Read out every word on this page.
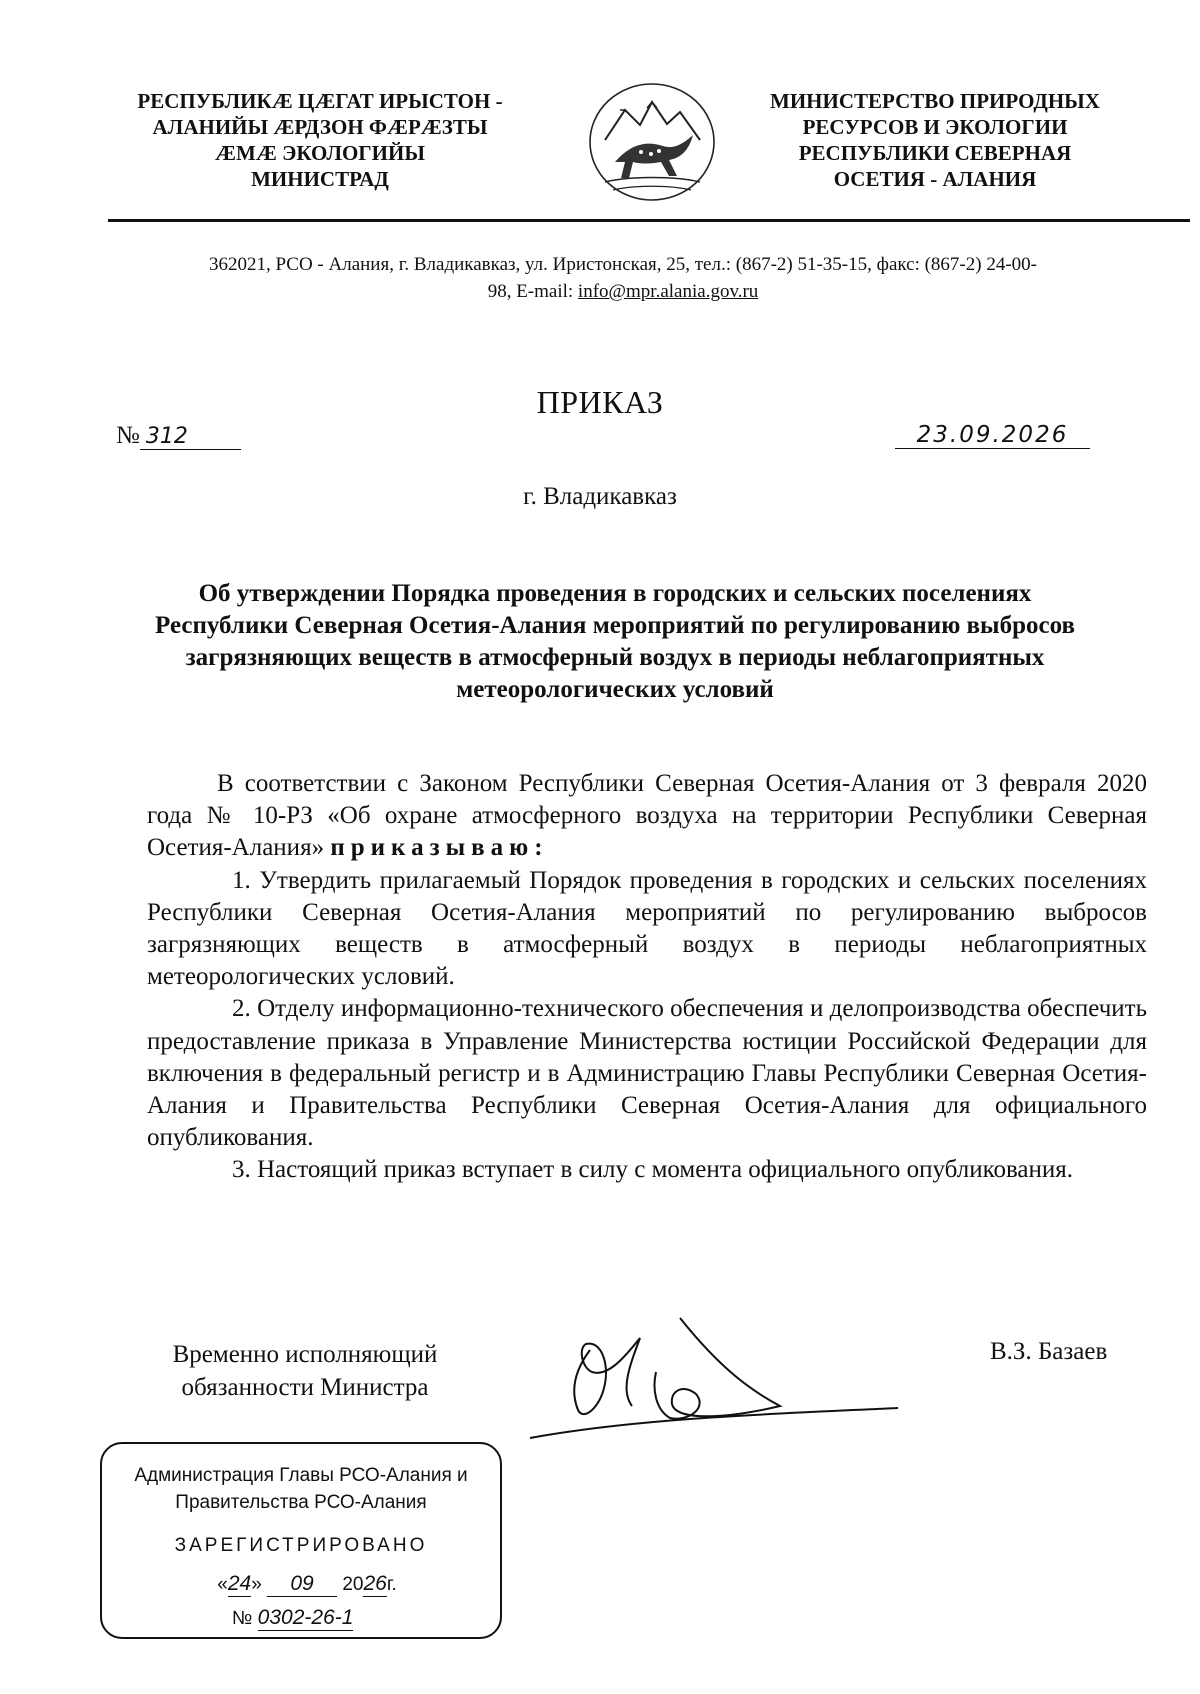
РЕСПУБЛИКӔ ЦӔГАТ ИРЫСТОН -
АЛАНИЙЫ ӔРДЗОН ФӔРӔЗТЫ
ӔМӔ ЭКОЛОГИЙЫ
МИНИСТРАД
МИНИСТЕРСТВО ПРИРОДНЫХ
РЕСУРСОВ И ЭКОЛОГИИ
РЕСПУБЛИКИ СЕВЕРНАЯ
ОСЕТИЯ - АЛАНИЯ
362021, РСО - Алания, г. Владикавказ, ул. Иристонская, 25, тел.: (867-2) 51-35-15, факс: (867-2) 24-00-
98, E-mail: info@mpr.alania.gov.ru
ПРИКАЗ
№ 312	23.09.2026
г. Владикавказ
Об утверждении Порядка проведения в городских и сельских поселениях Республики Северная Осетия-Алания мероприятий по регулированию выбросов загрязняющих веществ в атмосферный воздух в периоды неблагоприятных метеорологических условий

В соответствии с Законом Республики Северная Осетия-Алания от 3 февраля 2020 года № 10-РЗ «Об охране атмосферного воздуха на территории Республики Северная Осетия-Алания» приказываю:

1. Утвердить прилагаемый Порядок проведения в городских и сельских поселениях Республики Северная Осетия-Алания мероприятий по регулированию выбросов загрязняющих веществ в атмосферный воздух в периоды неблагоприятных метеорологических условий.

2. Отделу информационно-технического обеспечения и делопроизводства обеспечить предоставление приказа в Управление Министерства юстиции Российской Федерации для включения в федеральный регистр и в Администрацию Главы Республики Северная Осетия-Алания и Правительства Республики Северная Осетия-Алания для официального опубликования.

3. Настоящий приказ вступает в силу с момента официального опубликования.

Временно исполняющий обязанности Министра
В.З. Базаев
Администрация Главы РСО-Алания и Правительства РСО-Алания
ЗАРЕГИСТРИРОВАНО
«24» 09 2026г.
№ 0302-26-1
